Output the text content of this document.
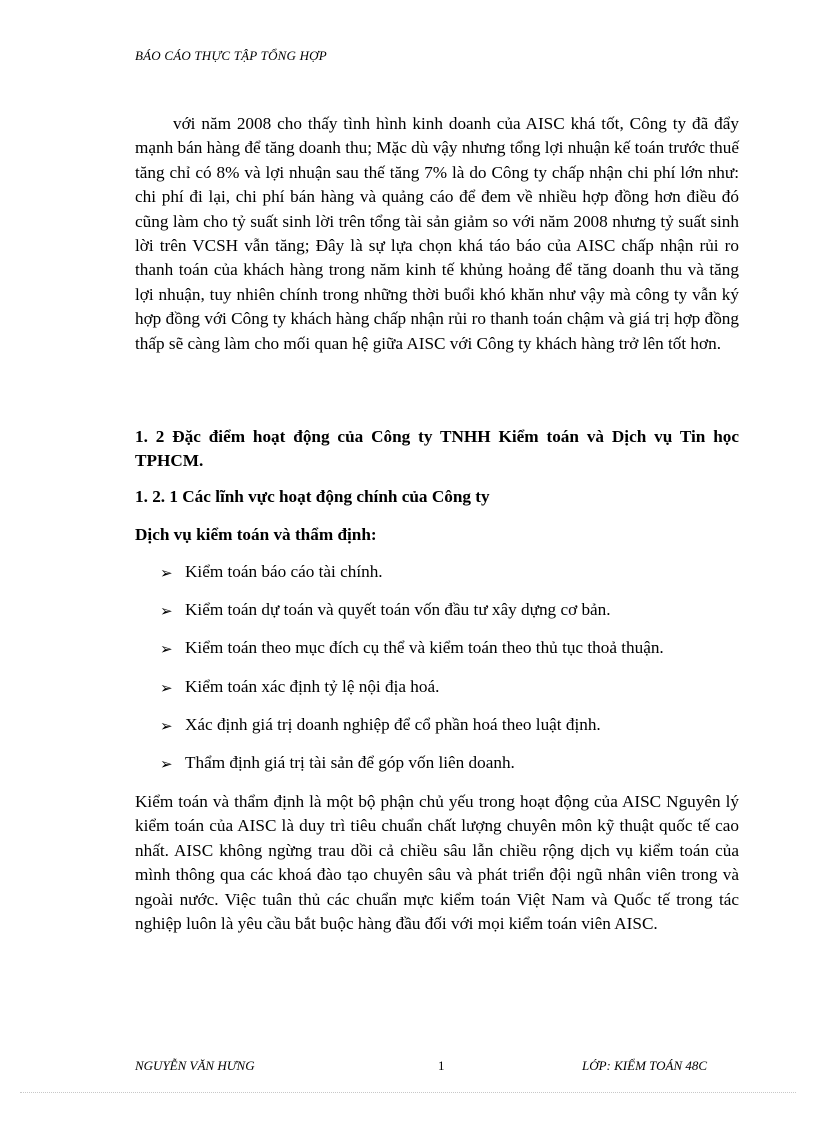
BÁO CÁO THỰC TẬP TỔNG HỢP
với năm 2008 cho thấy tình hình kinh doanh của AISC khá tốt, Công ty đã đẩy mạnh bán hàng để tăng doanh thu; Mặc dù vậy nhưng tổng lợi nhuận kế toán trước thuế tăng chỉ có 8% và lợi nhuận sau thế tăng 7% là do Công ty chấp nhận chi phí lớn như: chi phí đi lại, chi phí bán hàng và quảng cáo để đem về nhiều hợp đồng hơn điều đó cũng làm cho tỷ suất sinh lời trên tổng tài sản giảm so với năm 2008 nhưng tỷ suất sinh lời trên VCSH vẫn tăng; Đây là sự lựa chọn khá táo báo của AISC chấp nhận rủi ro thanh toán của khách hàng trong năm kinh tế khủng hoảng để tăng doanh thu và tăng lợi nhuận, tuy nhiên chính trong những thời buổi khó khăn như vậy mà công ty vẫn ký hợp đồng với Công ty khách hàng chấp nhận rủi ro thanh toán chậm và giá trị hợp đồng thấp sẽ càng làm cho mối quan hệ giữa AISC với Công ty khách hàng trở lên tốt hơn.
1. 2 Đặc điểm hoạt động của Công ty TNHH Kiểm toán và Dịch vụ Tin học TPHCM.
1. 2. 1 Các lĩnh vực hoạt động chính của Công ty
Dịch vụ kiểm toán và thẩm định:
➢ Kiểm toán báo cáo tài chính.
➢ Kiểm toán dự toán và quyết toán vốn đầu tư xây dựng cơ bản.
➢ Kiểm toán theo mục đích cụ thể và kiểm toán theo thủ tục thoả thuận.
➢ Kiểm toán xác định tỷ lệ nội địa hoá.
➢ Xác định giá trị doanh nghiệp để cổ phần hoá theo luật định.
➢ Thẩm định giá trị tài sản để góp vốn liên doanh.
Kiểm toán và thẩm định là một bộ phận chủ yếu trong hoạt động của AISC Nguyên lý kiểm toán của AISC là duy trì tiêu chuẩn chất lượng chuyên môn kỹ thuật quốc tế cao nhất. AISC không ngừng trau dồi cả chiều sâu lẫn chiều rộng dịch vụ kiểm toán của mình thông qua các khoá đào tạo chuyên sâu và phát triển đội ngũ nhân viên trong và ngoài nước. Việc tuân thủ các chuẩn mực kiểm toán Việt Nam và Quốc tế trong tác nghiệp luôn là yêu cầu bắt buộc hàng đầu đối với mọi kiểm toán viên AISC.
NGUYỄN VĂN HƯNG	1	LỚP: KIỂM TOÁN 48C
